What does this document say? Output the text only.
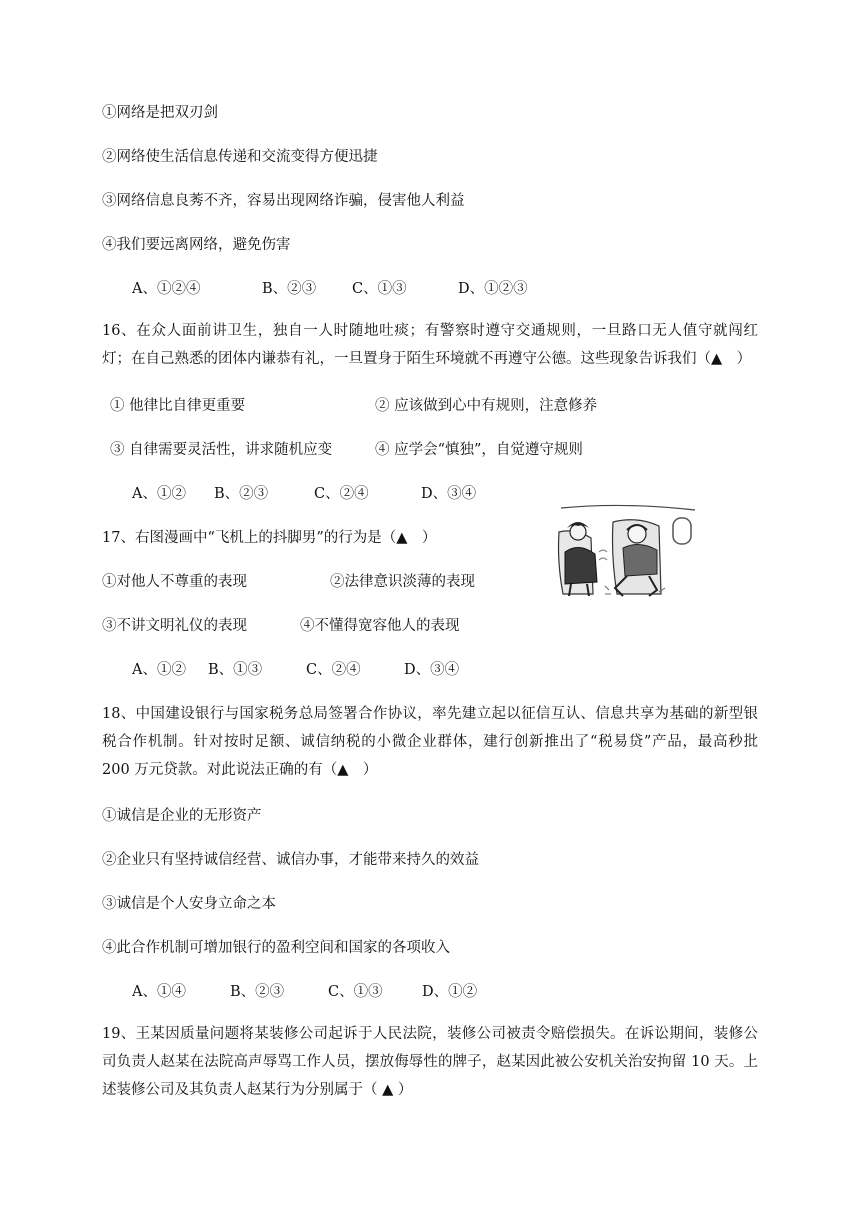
①网络是把双刃剑
②网络使生活信息传递和交流变得方便迅捷
③网络信息良莠不齐，容易出现网络诈骗，侵害他人利益
④我们要远离网络，避免伤害
A、①②④	B、②③ C、①③	D、①②③
16、在众人面前讲卫生，独自一人时随地吐痰；有警察时遵守交通规则，一旦路口无人值守就闯红灯；在自己熟悉的团体内谦恭有礼，一旦置身于陌生环境就不再遵守公德。这些现象告诉我们（▲　）
① 他律比自律更重要	② 应该做到心中有规则，注意修养
③ 自律需要灵活性，讲求随机应变	④ 应学会“慎独”，自觉遵守规则
A、①② B、②③	C、②④	D、③④
17、右图漫画中“飞机上的抖脚男”的行为是（▲　）
①对他人不尊重的表现	②法律意识淡薄的表现
③不讲文明礼仪的表现	④不懂得宽容他人的表现
A、①② B、①③	C、②④	D、③④
18、中国建设银行与国家税务总局签署合作协议，率先建立起以征信互认、信息共享为基础的新型银税合作机制。针对按时足额、诚信纳税的小微企业群体，建行创新推出了“税易贷”产品，最高秒批 200 万元贷款。对此说法正确的有（▲　）
①诚信是企业的无形资产
②企业只有坚持诚信经营、诚信办事，才能带来持久的效益
③诚信是个人安身立命之本
④此合作机制可增加银行的盈利空间和国家的各项收入
A、①④	B、②③	C、①③	D、①②
19、王某因质量问题将某装修公司起诉于人民法院，装修公司被责令赔偿损失。在诉讼期间，装修公司负责人赵某在法院高声辱骂工作人员，摆放侮辱性的牌子，赵某因此被公安机关治安拘留 10 天。上述装修公司及其负责人赵某行为分别属于（ ▲ ）
